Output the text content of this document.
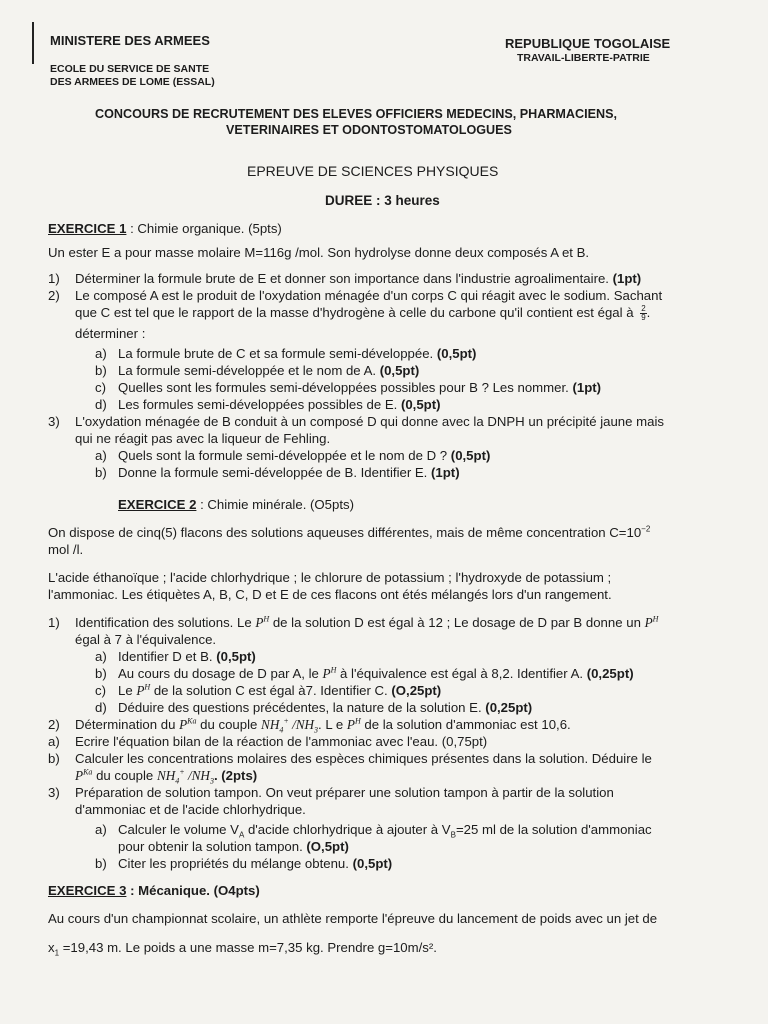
MINISTERE DES ARMEES
ECOLE DU SERVICE DE SANTE
DES ARMEES DE LOME (ESSAL)
REPUBLIQUE TOGOLAISE
TRAVAIL-LIBERTE-PATRIE
CONCOURS DE RECRUTEMENT DES ELEVES OFFICIERS MEDECINS, PHARMACIENS,
VETERINAIRES ET ODONTOSTOMATOLOGUES
EPREUVE DE SCIENCES PHYSIQUES
DUREE : 3 heures
EXERCICE 1 : Chimie organique. (5pts)
Un ester E a pour masse molaire M=116g /mol. Son hydrolyse donne deux composés A et B.
1) Déterminer la formule brute de E et donner son importance dans l'industrie agroalimentaire. (1pt)
2) Le composé A est le produit de l'oxydation ménagée d'un corps C qui réagit avec le sodium. Sachant
que C est tel que le rapport de la masse d'hydrogène à celle du carbone qu'il contient est égal à $\frac{2}{9}$ .
déterminer :
a) La formule brute de C et sa formule semi-développée. (0,5pt)
b) La formule semi-développée et le nom de A. (0,5pt)
c) Quelles sont les formules semi-développées possibles pour B ? Les nommer. (1pt)
d) Les formules semi-développées possibles de E. (0,5pt)
3) L'oxydation ménagée de B conduit à un composé D qui donne avec la DNPH un précipité jaune mais
qui ne réagit pas avec la liqueur de Fehling.
a) Quels sont la formule semi-développée et le nom de D ? (0,5pt)
b) Donne la formule semi-développée de B. Identifier E. (1pt)
EXERCICE 2 : Chimie minérale. (O5pts)
On dispose de cinq(5) flacons des solutions aqueuses différentes, mais de même concentration $C=10^{-2}$
mol /l.
L'acide éthanoïque ; l'acide chlorhydrique ; le chlorure de potassium ; l'hydroxyde de potassium ;
l'ammoniac. Les étiquètes A, B, C, D et E de ces flacons ont étés mélangés lors d'un rangement.
1) Identification des solutions. Le $P^H$ de la solution D est égal à 12 ; Le dosage de D par B donne un $P^H$
égal à 7 à l'équivalence.
a) Identifier D et B. (0,5pt)
b) Au cours du dosage de D par A, le $P^H$ à l'équivalence est égal à 8,2. Identifier A. (0,25pt)
c) Le $P^H$ de la solution C est égal à7. Identifier C. (O,25pt)
d) Déduire des questions précédentes, la nature de la solution E. (0,25pt)
2) Détermination du $P^{Ka}$ du couple $NH_4^+$ $/NH_3$. L e $P^H$ de la solution d'ammoniac est 10,6.
a) Ecrire l'équation bilan de la réaction de l'ammoniac avec l'eau. (0,75pt)
b) Calculer les concentrations molaires des espèces chimiques présentes dans la solution. Déduire le
$P^{Ka}$ du couple $NH_4^+$ $/NH_3$. (2pts)
3) Préparation de solution tampon. On veut préparer une solution tampon à partir de la solution
d'ammoniac et de l'acide chlorhydrique.
a) Calculer le volume $V_A$ d'acide chlorhydrique à ajouter à $V_B=25$ ml de la solution d'ammoniac
pour obtenir la solution tampon. (O,5pt)
b) Citer les propriétés du mélange obtenu. (0,5pt)
EXERCICE 3 : Mécanique. (O4pts)
Au cours d'un championnat scolaire, un athlète remporte l'épreuve du lancement de poids avec un jet de
$x_1 =19,43$ m. Le poids a une masse m=7,35 kg. Prendre g=10m/s².
